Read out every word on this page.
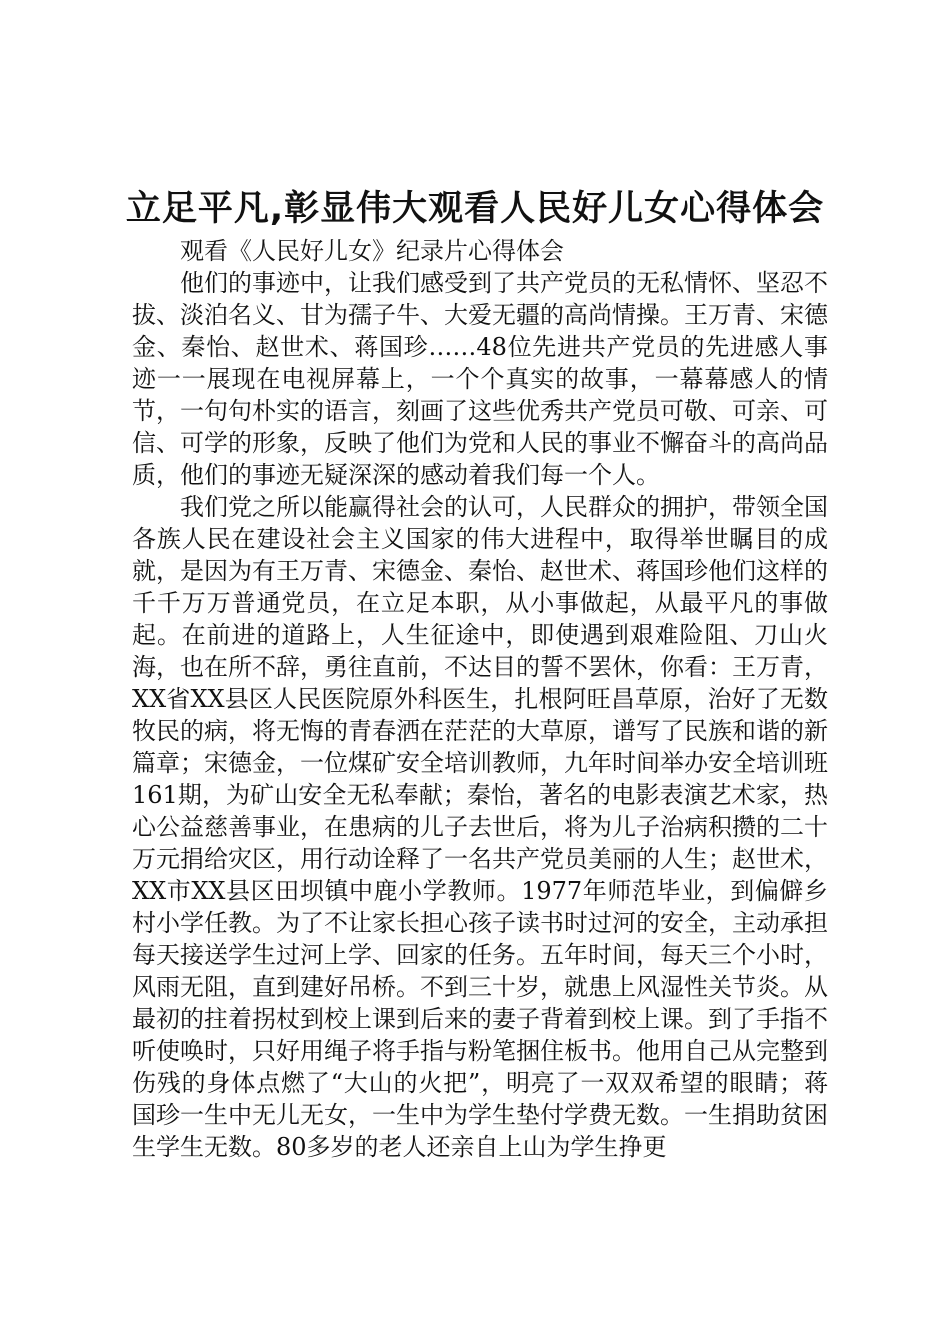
立足平凡,彰显伟大观看人民好儿女心得体会

观看《人民好儿女》纪录片心得体会

他们的事迹中，让我们感受到了共产党员的无私情怀、坚忍不拔、淡泊名义、甘为孺子牛、大爱无疆的高尚情操。王万青、宋德金、秦怡、赵世术、蒋国珍……48位先进共产党员的先进感人事迹一一展现在电视屏幕上，一个个真实的故事，一幕幕感人的情节，一句句朴实的语言，刻画了这些优秀共产党员可敬、可亲、可信、可学的形象，反映了他们为党和人民的事业不懈奋斗的高尚品质，他们的事迹无疑深深的感动着我们每一个人。

我们党之所以能赢得社会的认可，人民群众的拥护，带领全国各族人民在建设社会主义国家的伟大进程中，取得举世瞩目的成就，是因为有王万青、宋德金、秦怡、赵世术、蒋国珍他们这样的千千万万普通党员，在立足本职，从小事做起，从最平凡的事做起。在前进的道路上，人生征途中，即使遇到艰难险阻、刀山火海，也在所不辞，勇往直前，不达目的誓不罢休，你看：王万青，XX省XX县区人民医院原外科医生，扎根阿旺昌草原，治好了无数牧民的病，将无悔的青春洒在茫茫的大草原，谱写了民族和谐的新篇章；宋德金，一位煤矿安全培训教师，九年时间举办安全培训班161期，为矿山安全无私奉献；秦怡，著名的电影表演艺术家，热心公益慈善事业，在患病的儿子去世后，将为儿子治病积攒的二十万元捐给灾区，用行动诠释了一名共产党员美丽的人生；赵世术，XX市XX县区田坝镇中鹿小学教师。1977年师范毕业，到偏僻乡村小学任教。为了不让家长担心孩子读书时过河的安全，主动承担每天接送学生过河上学、回家的任务。五年时间，每天三个小时，风雨无阻，直到建好吊桥。不到三十岁，就患上风湿性关节炎。从最初的拄着拐杖到校上课到后来的妻子背着到校上课。到了手指不听使唤时，只好用绳子将手指与粉笔捆住板书。他用自己从完整到伤残的身体点燃了“大山的火把”，明亮了一双双希望的眼睛；蒋国珍一生中无儿无女，一生中为学生垫付学费无数。一生捐助贫困生学生无数。80多岁的老人还亲自上山为学生挣更
